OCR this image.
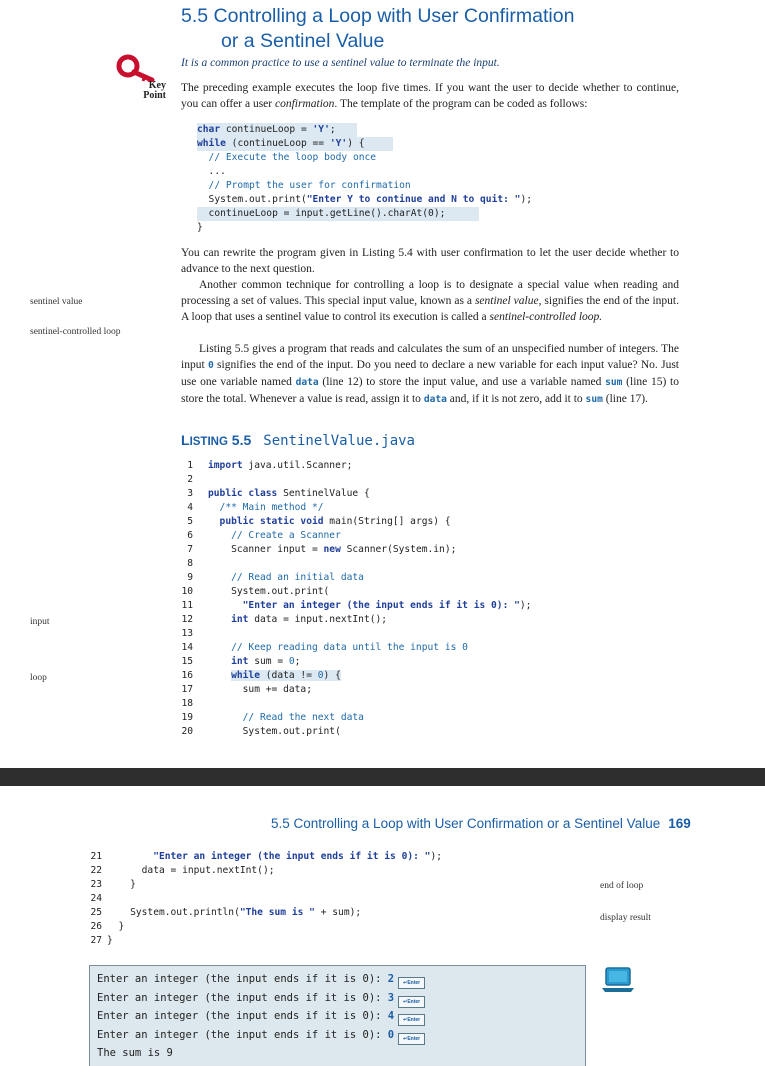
5.5 Controlling a Loop with User Confirmation
or a Sentinel Value
Key
Point
It is a common practice to use a sentinel value to terminate the input.
The preceding example executes the loop five times. If you want the user to decide whether to continue, you can offer a user confirmation. The template of the program can be coded as follows:
char continueLoop = 'Y';
while (continueLoop == 'Y') {
// Execute the loop body once
...
// Prompt the user for confirmation
System.out.print("Enter Y to continue and N to quit: ");
continueLoop = input.getLine().charAt(0);
}

You can rewrite the program given in Listing 5.4 with user confirmation to let the user decide whether to advance to the next question.
Another common technique for controlling a loop is to designate a special value when reading and processing a set of values. This special input value, known as a sentinel value, signifies the end of the input. A loop that uses a sentinel value to control its execution is called a sentinel-controlled loop.
Listing 5.5 gives a program that reads and calculates the sum of an unspecified number of integers. The input 0 signifies the end of the input. Do you need to declare a new variable for each input value? No. Just use one variable named data (line 12) to store the input value, and use a variable named sum (line 15) to store the total. Whenever a value is read, assign it to data and, if it is not zero, add it to sum (line 17).
sentinel value
sentinel-controlled loop
LISTING 5.5 SentinelValue.java
1 import java.util.Scanner;
2
3 public class SentinelValue {
4 /** Main method */
5 public static void main(String[] args) {
6 // Create a Scanner
7 Scanner input = new Scanner(System.in);
8
9 // Read an initial data
10 System.out.print(
11 "Enter an integer (the input ends if it is 0): ");
12 int data = input.nextInt();
13
14 // Keep reading data until the input is 0
15 int sum = 0;
16	while (data != 0) {
17 sum += data;
18
19 // Read the next data
20 System.out.print(
input
loop
5.5 Controlling a Loop with User Confirmation or a Sentinel Value 169
21 "Enter an integer (the input ends if it is 0): ");
22 data = input.nextInt();
23 }
24
25 System.out.println("The sum is " + sum);
26 }
27 }
end of loop
display result
Enter an integer (the input ends if it is 0): 2 ↵Enter
Enter an integer (the input ends if it is 0): 3 ↵Enter
Enter an integer (the input ends if it is 0): 4 ↵Enter
Enter an integer (the input ends if it is 0): 0 ↵Enter
The sum is 9
